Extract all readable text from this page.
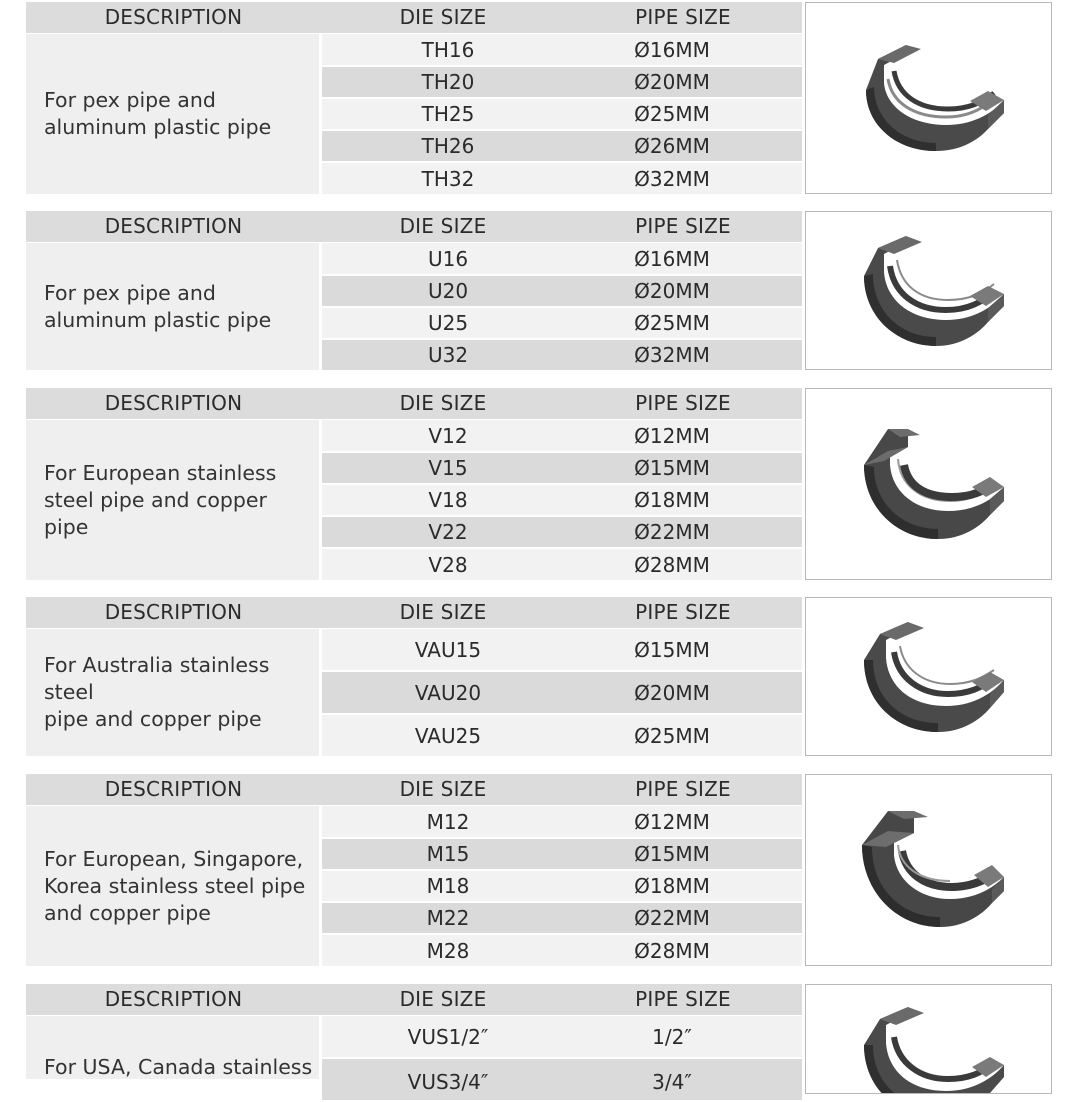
DESCRIPTION	DIE SIZE	PIPE SIZE
For pex pipe and
aluminum plastic pipe
TH16	Ø16MM
TH20	Ø20MM
TH25	Ø25MM
TH26	Ø26MM
TH32	Ø32MM
DESCRIPTION	DIE SIZE	PIPE SIZE
For pex pipe and
aluminum plastic pipe
U16	Ø16MM
U20	Ø20MM
U25	Ø25MM
U32	Ø32MM
DESCRIPTION	DIE SIZE	PIPE SIZE
For European stainless
steel pipe and copper pipe
V12	Ø12MM
V15	Ø15MM
V18	Ø18MM
V22	Ø22MM
V28	Ø28MM
DESCRIPTION	DIE SIZE	PIPE SIZE
For Australia stainless steel
pipe and copper pipe
VAU15	Ø15MM
VAU20	Ø20MM
VAU25	Ø25MM
DESCRIPTION	DIE SIZE	PIPE SIZE
For European, Singapore,
Korea stainless steel pipe
and copper pipe
M12	Ø12MM
M15	Ø15MM
M18	Ø18MM
M22	Ø22MM
M28	Ø28MM
DESCRIPTION	DIE SIZE	PIPE SIZE
For USA, Canada stainless
VUS1/2″	1/2″
VUS3/4″	3/4″
